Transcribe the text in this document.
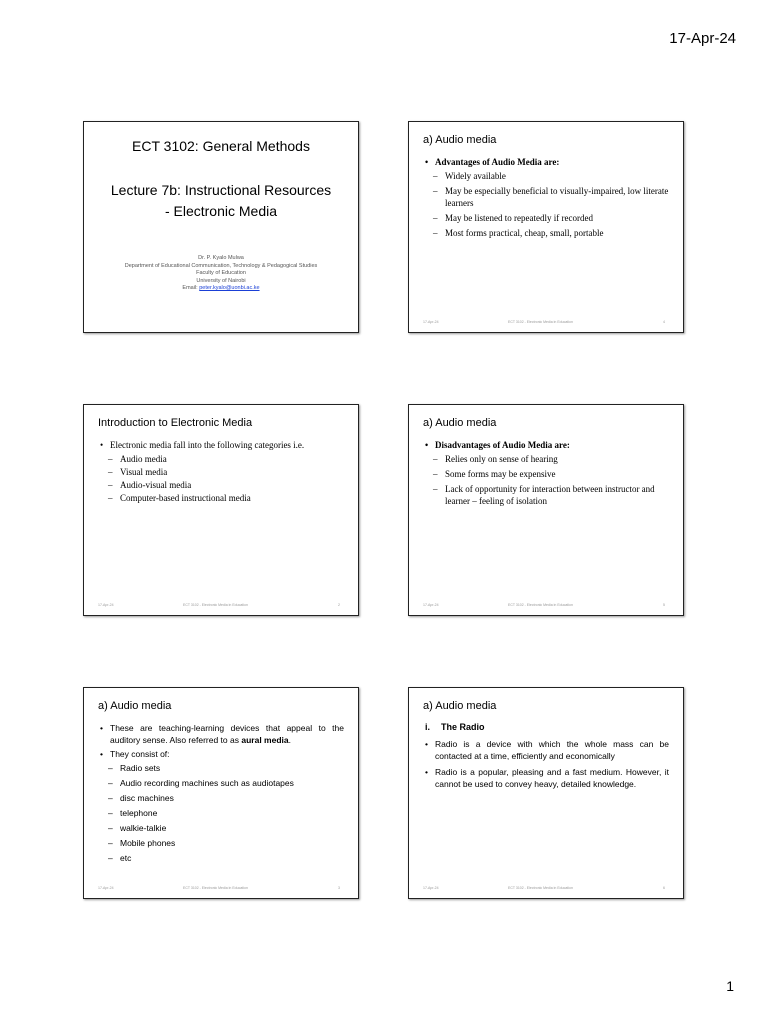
17-Apr-24
ECT 3102: General Methods
Lecture 7b: Instructional Resources
- Electronic Media
Dr. P. Kyalo Mulwa
Department of Educational Communication, Technology & Pedagogical Studies
Faculty of Education
University of Nairobi
Email: peter.kyalo@uonbi.ac.ke
a) Audio media
• Advantages of Audio Media are:
– Widely available
– May be especially beneficial to visually-impaired, low literate learners
– May be listened to repeatedly if recorded
– Most forms practical, cheap, small, portable
17-Apr-24	ECT 3102 - Electronic Media in Education	4
Introduction to Electronic Media
• Electronic media fall into the following categories i.e.
– Audio media
– Visual media
– Audio-visual media
– Computer-based instructional media
17-Apr-24	ECT 3102 - Electronic Media in Education	2
a) Audio media
• Disadvantages of Audio Media are:
– Relies only on sense of hearing
– Some forms may be expensive
– Lack of opportunity for interaction between instructor and learner – feeling of isolation
17-Apr-24	ECT 3102 - Electronic Media in Education	5
a) Audio media
• These are teaching-learning devices that appeal to the auditory sense. Also referred to as aural media.
• They consist of:
– Radio sets
– Audio recording machines such as audiotapes
– disc machines
– telephone
– walkie-talkie
– Mobile phones
– etc
17-Apr-24	ECT 3102 - Electronic Media in Education	3
a) Audio media
i. The Radio
• Radio is a device with which the whole mass can be contacted at a time, efficiently and economically
• Radio is a popular, pleasing and a fast medium. However, it cannot be used to convey heavy, detailed knowledge.
17-Apr-24	ECT 3102 - Electronic Media in Education	6
1
